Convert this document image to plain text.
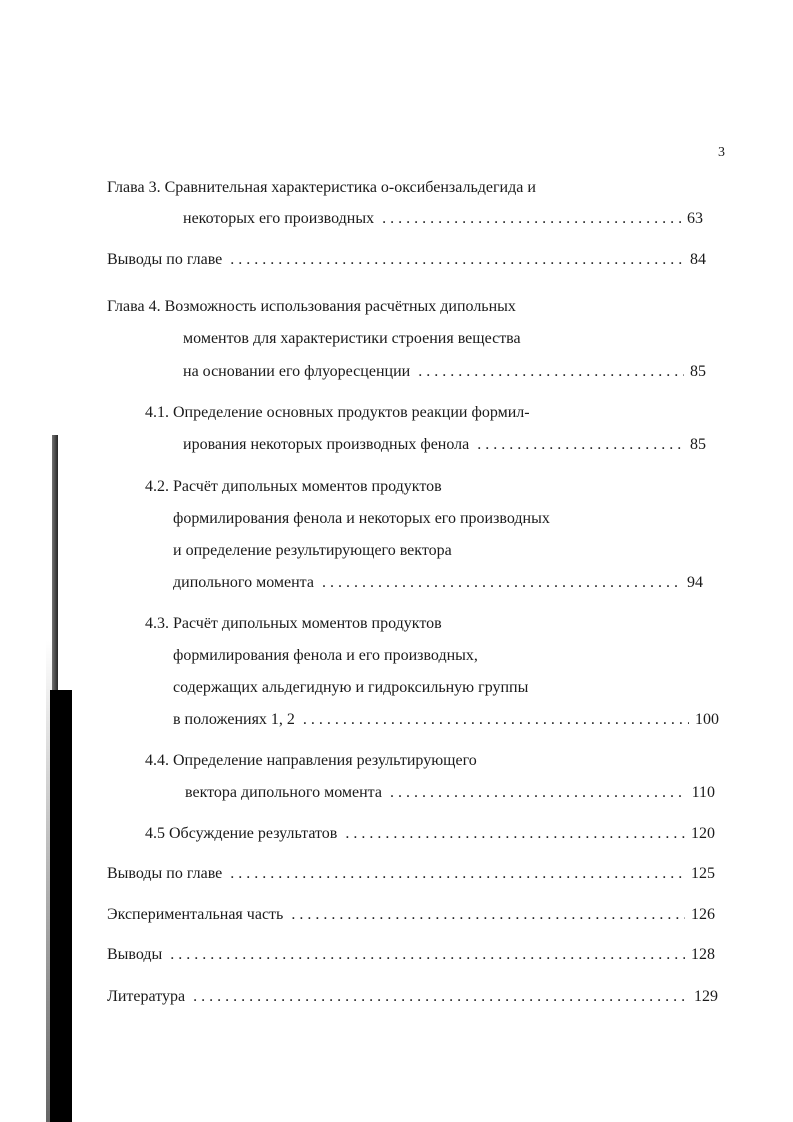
3
Глава 3. Сравнительная характеристика о-оксибензальдегида и
некоторых его производных . . .	63
Выводы по главе . . .	84
Глава 4. Возможность использования расчётных дипольных
моментов для характеристики строения вещества
на основании его флуоресценции . . .	85
4.1. Определение основных продуктов реакции формил-
ирования некоторых производных фенола . . .	85
4.2. Расчёт дипольных моментов продуктов
формилирования фенола и некоторых его производных
и определение результирующего вектора
дипольного момента . . .	94
4.3. Расчёт дипольных моментов продуктов
формилирования фенола и его производных,
содержащих альдегидную и гидроксильную группы
в положениях 1, 2 . . .	100
4.4. Определение направления результирующего
вектора дипольного момента . . .	110
4.5 Обсуждение результатов . . .	120
Выводы по главе . . .	125
Экспериментальная часть . . .	126
Выводы . . .	128
Литература . . .	129
